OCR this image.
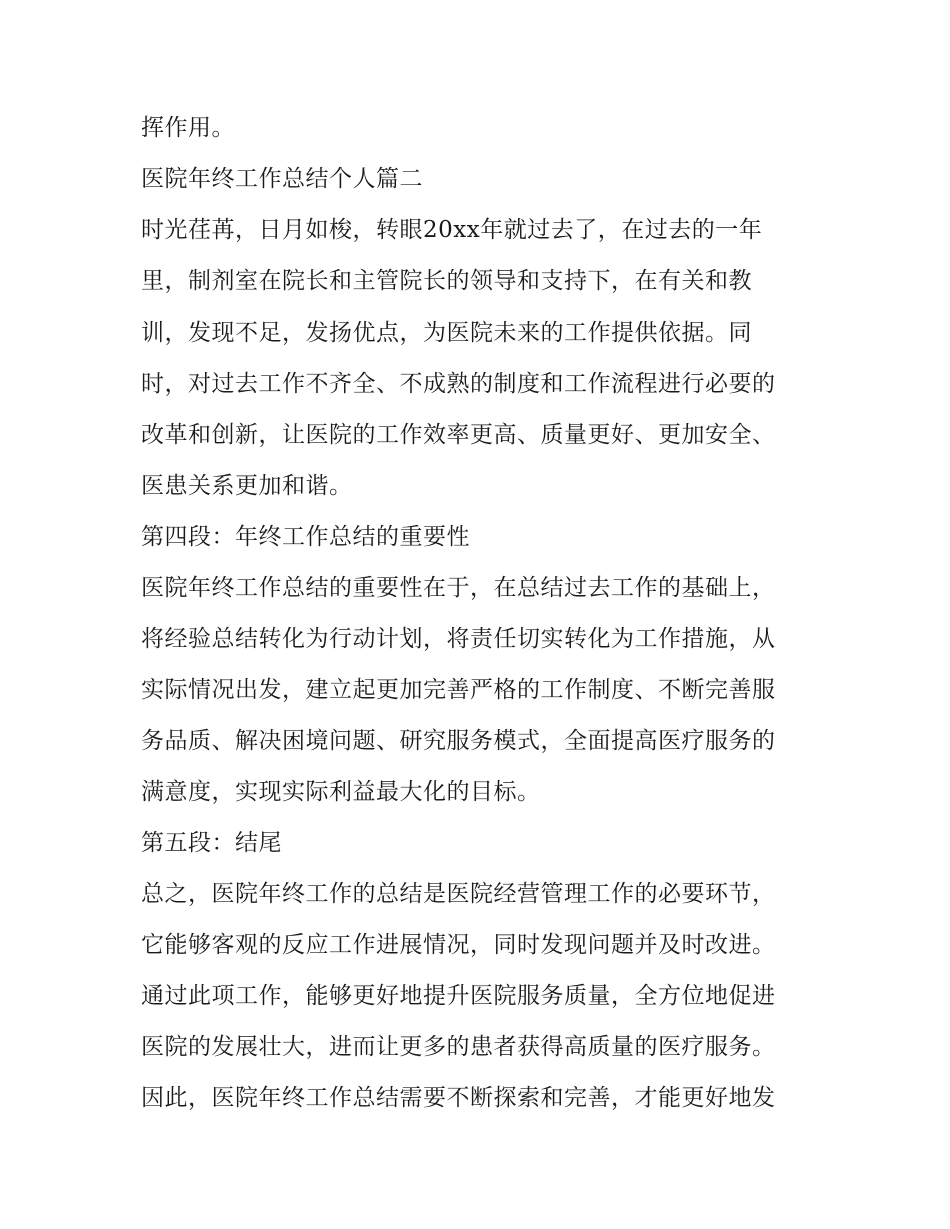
挥作用。

医院年终工作总结个人篇二

时光荏苒，日月如梭，转眼20xx年就过去了，在过去的一年

里，制剂室在院长和主管院长的领导和支持下，在有关和教

训，发现不足，发扬优点，为医院未来的工作提供依据。同

时，对过去工作不齐全、不成熟的制度和工作流程进行必要的

改革和创新，让医院的工作效率更高、质量更好、更加安全、

医患关系更加和谐。

第四段：年终工作总结的重要性

医院年终工作总结的重要性在于，在总结过去工作的基础上，

将经验总结转化为行动计划，将责任切实转化为工作措施，从

实际情况出发，建立起更加完善严格的工作制度、不断完善服

务品质、解决困境问题、研究服务模式，全面提高医疗服务的

满意度，实现实际利益最大化的目标。

第五段：结尾

总之，医院年终工作的总结是医院经营管理工作的必要环节，

它能够客观的反应工作进展情况，同时发现问题并及时改进。

通过此项工作，能够更好地提升医院服务质量，全方位地促进

医院的发展壮大，进而让更多的患者获得高质量的医疗服务。

因此，医院年终工作总结需要不断探索和完善，才能更好地发
